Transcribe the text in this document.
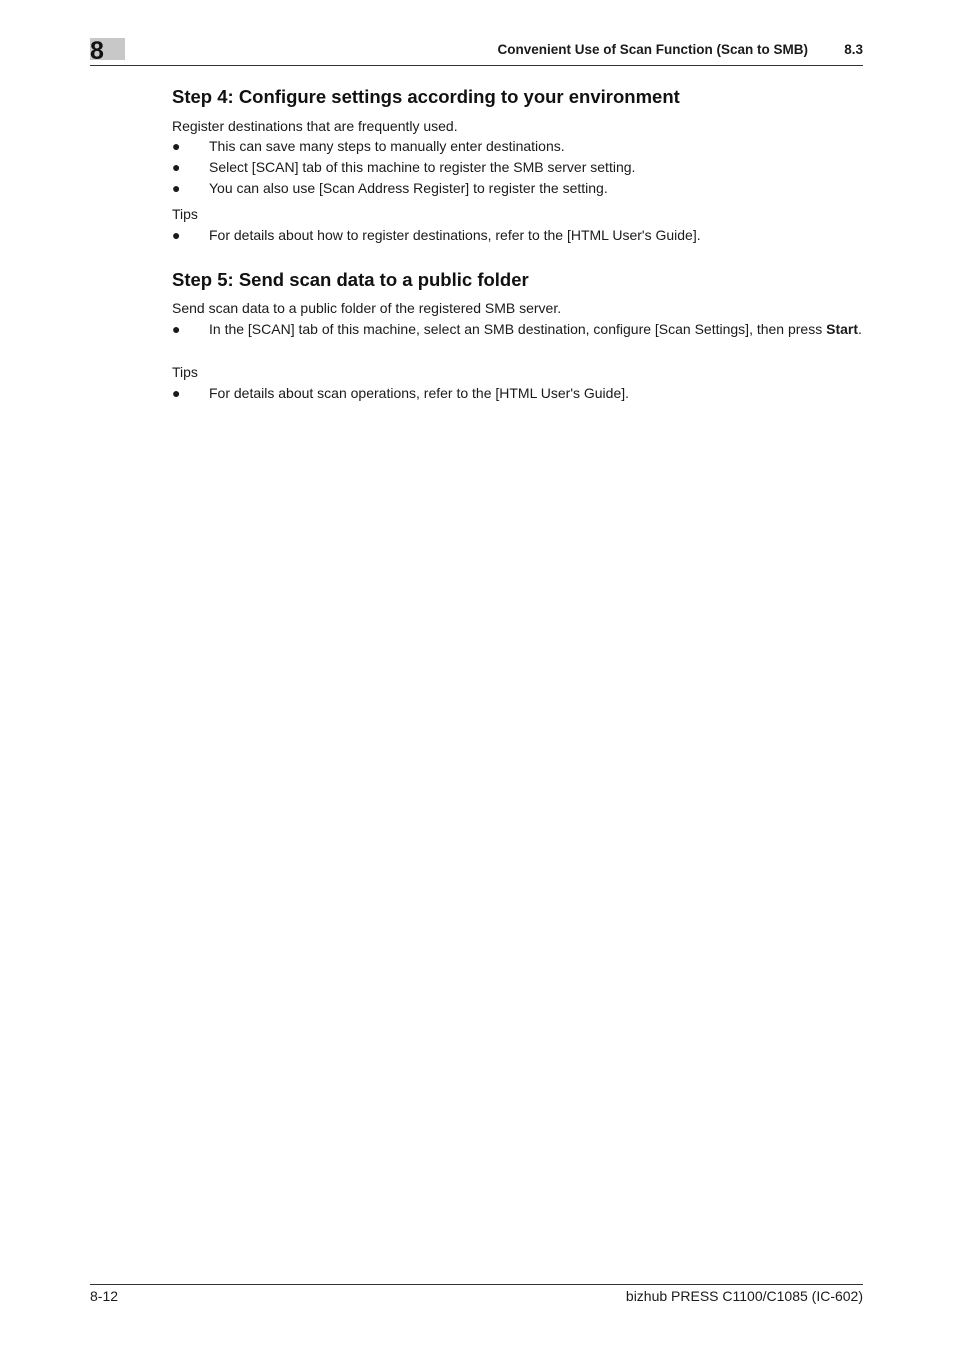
8	Convenient Use of Scan Function (Scan to SMB)	8.3
Step 4: Configure settings according to your environment
Register destinations that are frequently used.
● This can save many steps to manually enter destinations.
● Select [SCAN] tab of this machine to register the SMB server setting.
● You can also use [Scan Address Register] to register the setting.
Tips
● For details about how to register destinations, refer to the [HTML User's Guide].
Step 5: Send scan data to a public folder
Send scan data to a public folder of the registered SMB server.
● In the [SCAN] tab of this machine, select an SMB destination, configure [Scan Settings], then press Start.
Tips
● For details about scan operations, refer to the [HTML User's Guide].
8-12	bizhub PRESS C1100/C1085 (IC-602)
